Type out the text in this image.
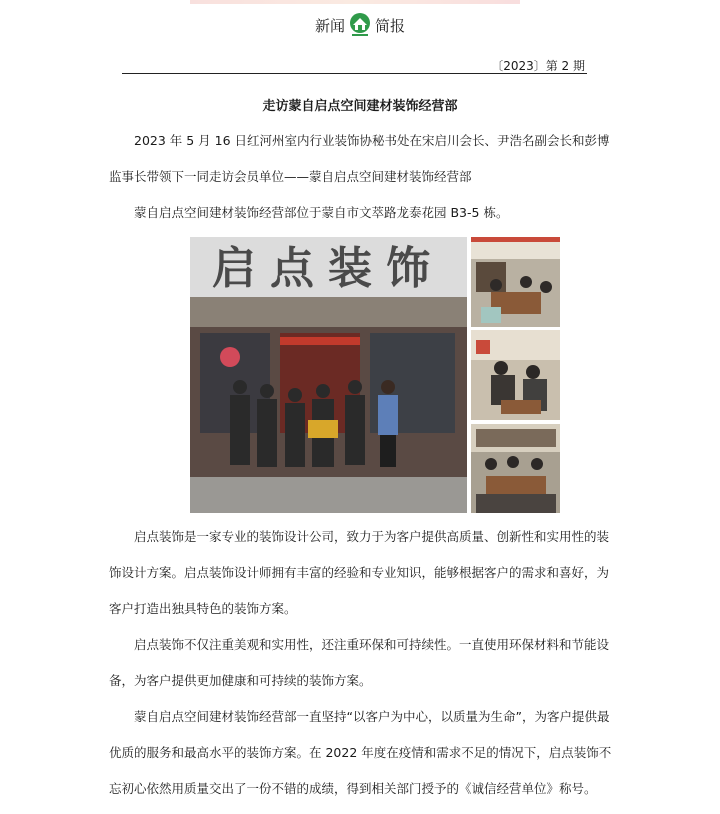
新闻 简报
〔2023〕第 2 期
走访蒙自启点空间建材装饰经营部

2023 年 5 月 16 日红河州室内行业装饰协秘书处在宋启川会长、尹浩名副会长和彭博监事长带领下一同走访会员单位——蒙自启点空间建材装饰经营部

蒙自启点空间建材装饰经营部位于蒙自市文萃路龙泰花园 B3-5 栋。

启点装饰

启点装饰是一家专业的装饰设计公司，致力于为客户提供高质量、创新性和实用性的装饰设计方案。启点装饰设计师拥有丰富的经验和专业知识，能够根据客户的需求和喜好，为客户打造出独具特色的装饰方案。

启点装饰不仅注重美观和实用性，还注重环保和可持续性。一直使用环保材料和节能设备，为客户提供更加健康和可持续的装饰方案。

蒙自启点空间建材装饰经营部一直坚持“以客户为中心，以质量为生命”，为客户提供最优质的服务和最高水平的装饰方案。在 2022 年度在疫情和需求不足的情况下，启点装饰不忘初心依然用质量交出了一份不错的成绩，得到相关部门授予的《诚信经营单位》称号。
